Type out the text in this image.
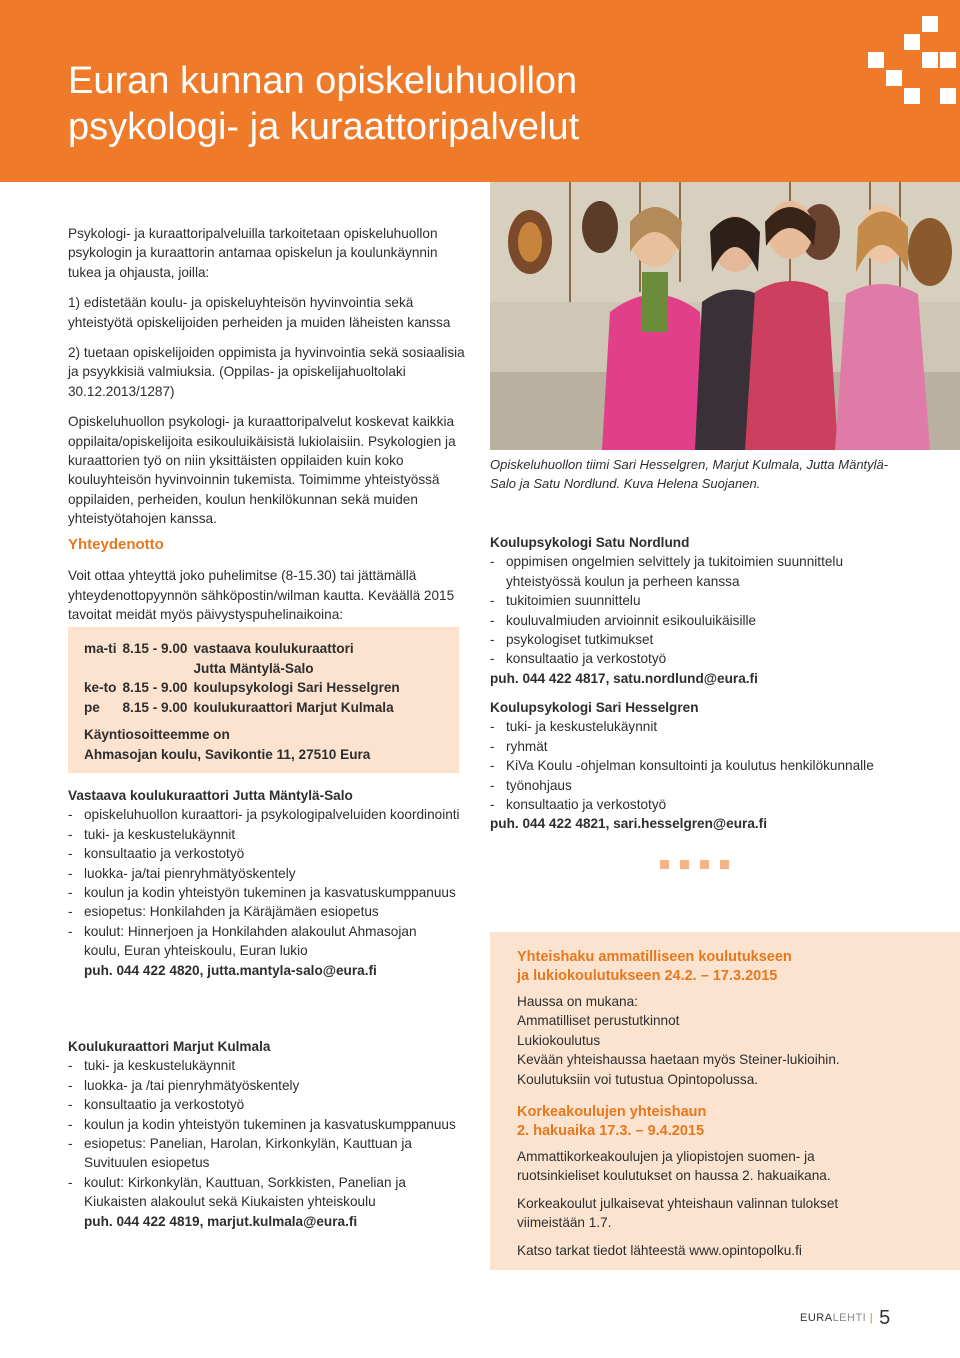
Euran kunnan opiskeluhuollon
psykologi- ja kuraattoripalvelut

Psykologi- ja kuraattoripalveluilla tarkoitetaan opiskeluhuollon psykologin ja kuraattorin antamaa opiskelun ja koulunkäynnin tukea ja ohjausta, joilla:

1) edistetään koulu- ja opiskeluyhteisön hyvinvointia sekä yhteistyötä opiskelijoiden perheiden ja muiden läheisten kanssa

2) tuetaan opiskelijoiden oppimista ja hyvinvointia sekä sosiaalisia ja psyykkisiä valmiuksia. (Oppilas- ja opiskelijahuoltolaki 30.12.2013/1287)

Opiskeluhuollon psykologi- ja kuraattoripalvelut koskevat kaikkia oppilaita/opiskelijoita esikouluikäisistä lukiolaisiin. Psykologien ja kuraattorien työ on niin yksittäisten oppilaiden kuin koko kouluyhteisön hyvinvoinnin tukemista. Toimimme yhteistyössä oppilaiden, perheiden, koulun henkilökunnan sekä muiden yhteistyötahojen kanssa.

Opiskeluhuollon tiimi Sari Hesselgren, Marjut Kulmala, Jutta Mäntylä-Salo ja Satu Nordlund. Kuva Helena Suojanen.

Yhteydenotto

Voit ottaa yhteyttä joko puhelimitse (8-15.30) tai jättämällä yhteydenottopyynnön sähköpostin/wilman kautta. Keväällä 2015 tavoitat meidät myös päivystyspuhelinaikoina:

ma-ti	8.15 - 9.00	vastaava koulukuraattori
		Jutta Mäntylä-Salo
ke-to	8.15 - 9.00	koulupsykologi Sari Hesselgren
pe	8.15 - 9.00	koulukuraattori Marjut Kulmala

Käyntiosoitteemme on

Ahmasojan koulu, Savikontie 11, 27510 Eura

Vastaava koulukuraattori Jutta Mäntylä-Salo

- opiskeluhuollon kuraattori- ja psykologipalveluiden koordinointi
- tuki- ja keskustelukäynnit
- konsultaatio ja verkostotyö
- luokka- ja/tai pienryhmätyöskentely
- koulun ja kodin yhteistyön tukeminen ja kasvatuskumppanuus
- esiopetus: Honkilahden ja Käräjämäen esiopetus
- koulut: Hinnerjoen ja Honkilahden alakoulut Ahmasojan koulu, Euran yhteiskoulu, Euran lukio

puh. 044 422 4820, jutta.mantyla-salo@eura.fi

Koulukuraattori Marjut Kulmala

- tuki- ja keskustelukäynnit
- luokka- ja /tai pienryhmätyöskentely
- konsultaatio ja verkostotyö
- koulun ja kodin yhteistyön tukeminen ja kasvatuskumppanuus
- esiopetus: Panelian, Harolan, Kirkonkylän, Kauttuan ja Suvituulen esiopetus
- koulut: Kirkonkylän, Kauttuan, Sorkkisten, Panelian ja Kiukaisten alakoulut sekä Kiukaisten yhteiskoulu

puh. 044 422 4819, marjut.kulmala@eura.fi

Koulupsykologi Satu Nordlund

- oppimisen ongelmien selvittely ja tukitoimien suunnittelu yhteistyössä koulun ja perheen kanssa
- tukitoimien suunnittelu
- kouluvalmiuden arvioinnit esikouluikäisille
- psykologiset tutkimukset
- konsultaatio ja verkostotyö

puh. 044 422 4817, satu.nordlund@eura.fi

Koulupsykologi Sari Hesselgren

- tuki- ja keskustelukäynnit
- ryhmät
- KiVa Koulu -ohjelman konsultointi ja koulutus henkilökunnalle
- työnohjaus
- konsultaatio ja verkostotyö

puh. 044 422 4821, sari.hesselgren@eura.fi

Yhteishaku ammatilliseen koulutukseen
ja lukiokoulutukseen 24.2. – 17.3.2015

Haussa on mukana:

Ammatilliset perustutkinnot

Lukiokoulutus

Kevään yhteishaussa haetaan myös Steiner-lukioihin.

Koulutuksiin voi tutustua Opintopolussa.

Korkeakoulujen yhteishaun
2. hakuaika 17.3. – 9.4.2015

Ammattikorkeakoulujen ja yliopistojen suomen- ja ruotsinkieliset koulutukset on haussa 2. hakuaikana.

Korkeakoulut julkaisevat yhteishaun valinnan tulokset viimeistään 1.7.

Katso tarkat tiedot lähteestä www.opintopolku.fi

EURALEHTI | 5
